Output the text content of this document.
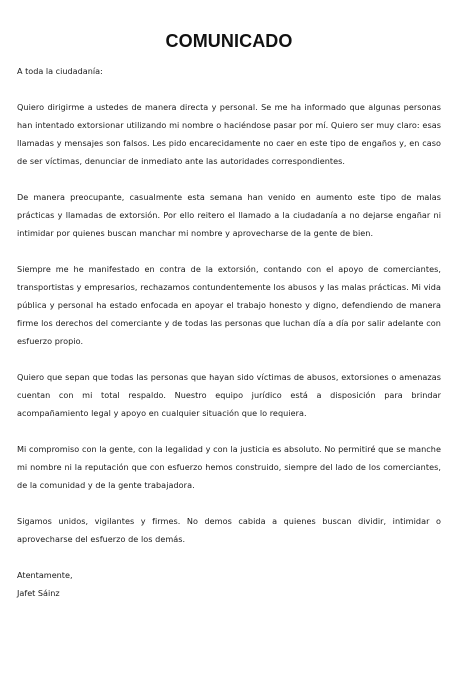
COMUNICADO

A toda la ciudadanía:

Quiero dirigirme a ustedes de manera directa y personal. Se me ha informado que algunas personas han intentado extorsionar utilizando mi nombre o haciéndose pasar por mí. Quiero ser muy claro: esas llamadas y mensajes son falsos. Les pido encarecidamente no caer en este tipo de engaños y, en caso de ser víctimas, denunciar de inmediato ante las autoridades correspondientes.

De manera preocupante, casualmente esta semana han venido en aumento este tipo de malas prácticas y llamadas de extorsión. Por ello reitero el llamado a la ciudadanía a no dejarse engañar ni intimidar por quienes buscan manchar mi nombre y aprovecharse de la gente de bien.

Siempre me he manifestado en contra de la extorsión, contando con el apoyo de comerciantes, transportistas y empresarios, rechazamos contundentemente los abusos y las malas prácticas. Mi vida pública y personal ha estado enfocada en apoyar el trabajo honesto y digno, defendiendo de manera firme los derechos del comerciante y de todas las personas que luchan día a día por salir adelante con esfuerzo propio.

Quiero que sepan que todas las personas que hayan sido víctimas de abusos, extorsiones o amenazas cuentan con mi total respaldo. Nuestro equipo jurídico está a disposición para brindar acompañamiento legal y apoyo en cualquier situación que lo requiera.

Mi compromiso con la gente, con la legalidad y con la justicia es absoluto. No permitiré que se manche mi nombre ni la reputación que con esfuerzo hemos construido, siempre del lado de los comerciantes, de la comunidad y de la gente trabajadora.

Sigamos unidos, vigilantes y firmes. No demos cabida a quienes buscan dividir, intimidar o aprovecharse del esfuerzo de los demás.

Atentamente,

Jafet Sáinz
